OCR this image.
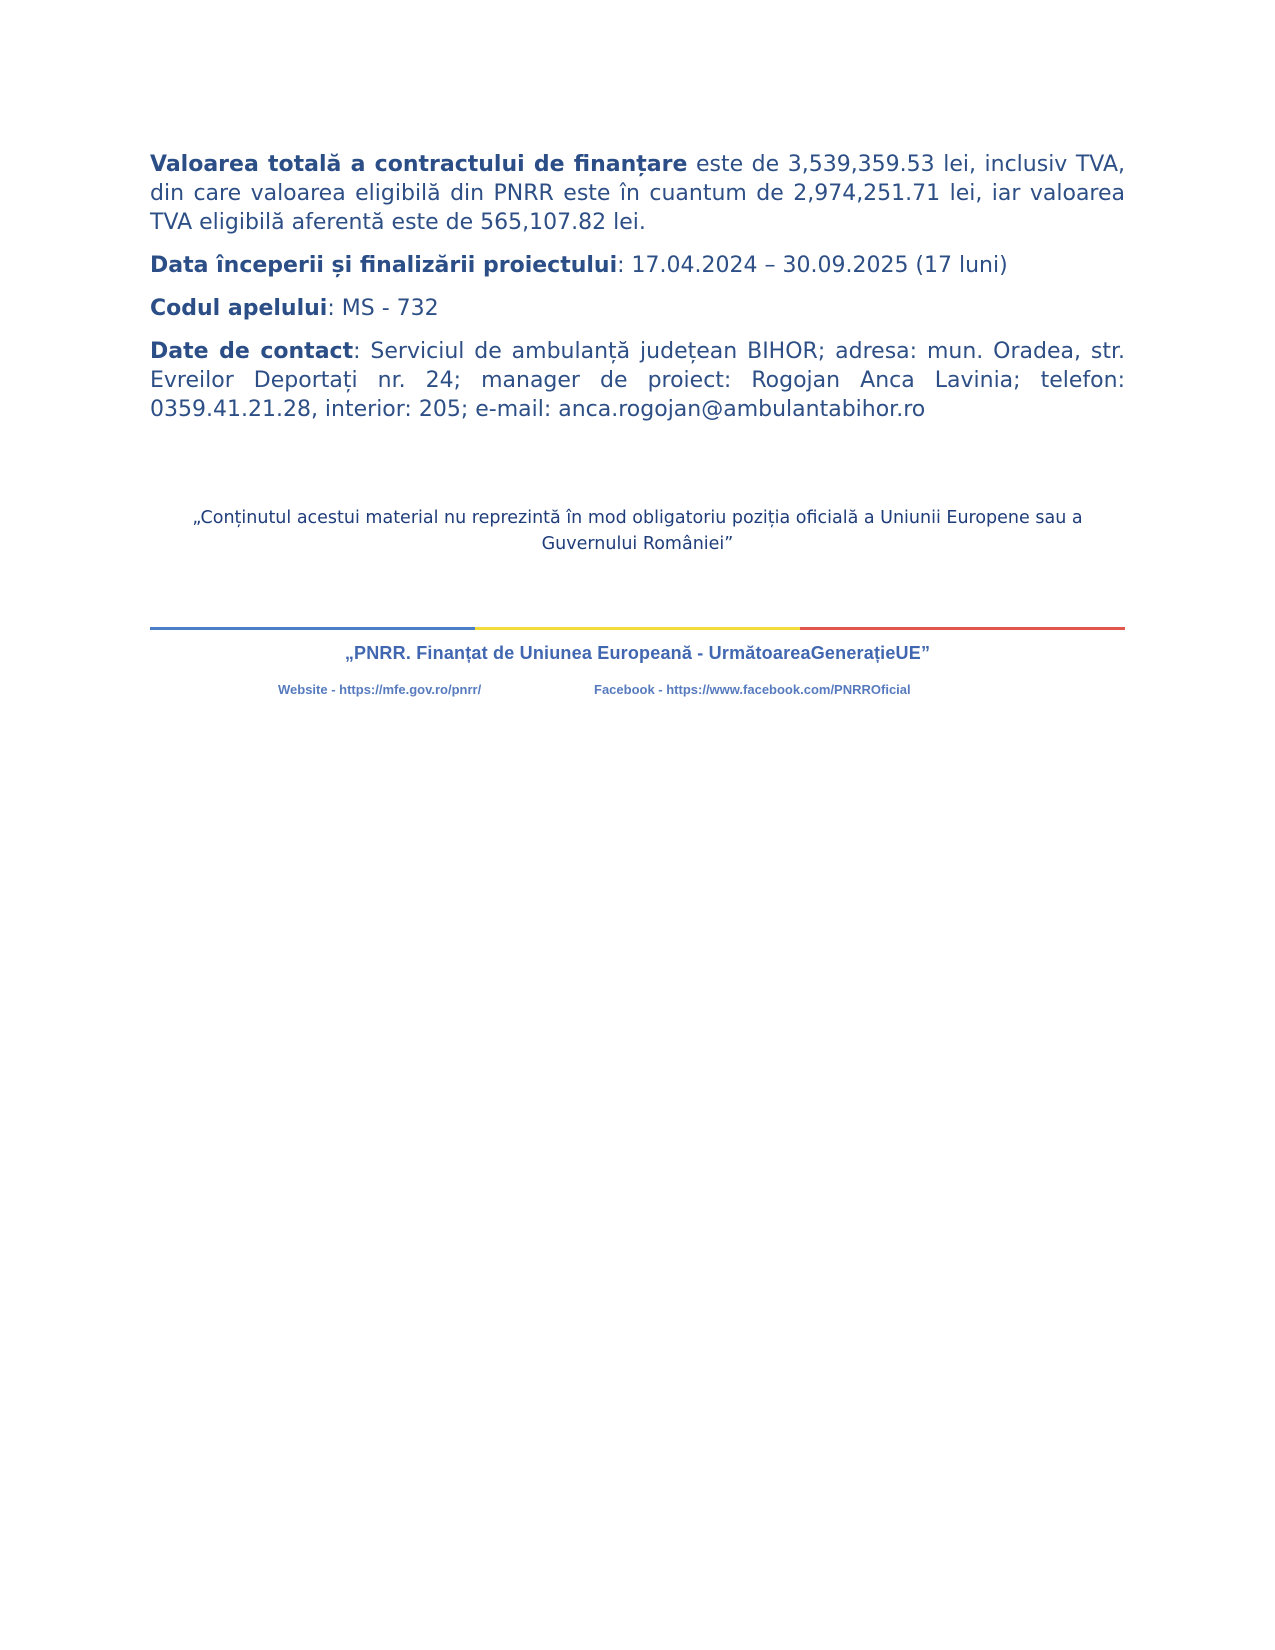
Valoarea totală a contractului de finanțare este de 3,539,359.53 lei, inclusiv TVA, din care valoarea eligibilă din PNRR este în cuantum de 2,974,251.71 lei, iar valoarea TVA eligibilă aferentă este de 565,107.82 lei.

Data începerii și finalizării proiectului: 17.04.2024 – 30.09.2025 (17 luni)

Codul apelului: MS - 732

Date de contact: Serviciul de ambulanță județean BIHOR; adresa: mun. Oradea, str. Evreilor Deportați nr. 24; manager de proiect: Rogojan Anca Lavinia; telefon: 0359.41.21.28, interior: 205; e-mail: anca.rogojan@ambulantabihor.ro

„Conținutul acestui material nu reprezintă în mod obligatoriu poziția oficială a Uniunii Europene sau a Guvernului României”
„PNRR. Finanțat de Uniunea Europeană - UrmătoareaGenerațieUE”
Website - https://mfe.gov.ro/pnrr/	Facebook - https://www.facebook.com/PNRROficial
